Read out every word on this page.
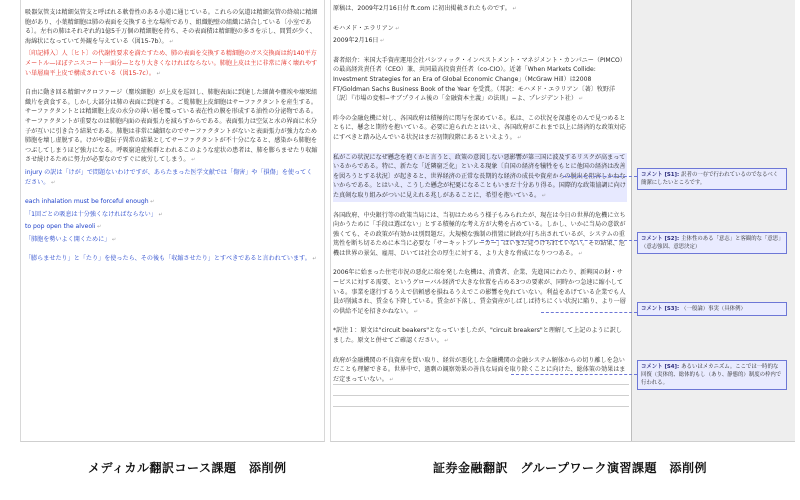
吸器気管支は精細気管支と呼ばれる軟骨性のある小道に通じている。これらの気道は精細気管の終端に精細胞があり、小葉精細胞は肺の表面を交換する主な場所であり、組織胞壁の組織に結合している〔小室である〕。左右の肺はそれぞれ約1億5千万個の精細胞を持ち、その表面積は精細胞の多さを示し、間質が少く、海綿状になっていて外観を与えている（図15-7b）。 ↵
〔印記挿入〕人〔ヒト〕の代謝性要求を満たすため、肺の表面を交換する精細胞のガス交換面は約140平方メートル—ほぼテニスコート一面分—となり大きくなければならない。肺胞上皮は主に非常に薄く壊れやすい単層扁平上皮で構成されている（図15-7c）。 ↵
自由に動き回る精細マクロファージ（塵埃細胞）が上皮を巡回し、肺胞表面に到達した細菌や塵埃や壊死組織片を貪食する。しかし大部分は肺の表面に到達する。ご覧肺胞上皮細胞はサーファクタントを産生する。サーファクタントとは精細胞上皮の水分の薄い層を覆っている表在性の膜を形成する油性の分泌物である。サーファクタントが重要なのは肺胞内面の表面張力を減らすからである。表面張力は空気と水の界面に水分子が互いに引き合う結果である。肺胞は非常に繊細なのでサーファクタントがないと表面張力が強力なため肺胞を壊し虚脱する。けがや遺伝子異常の結果としてサーファクタントが不十分になると、感染から肺胞をつぶしてしまうほど強力になる。呼吸窮迫症候群とわれるこのような症状の患者は、肺を膨らませたり収縮させ続けるために努力が必要なのですぐに疲労してしまう。 ↵
injury の訳は「けが」で問題ないわけですが、あらたまった医学文献では「傷害」や「損傷」を使ってください。 ↵
each inhalation must be forceful enough ↵
「1回ごとの吸息は十分強くなければならない」 ↵
to pop open the alveoli ↵
「肺胞を勢いよく開くために」 ↵
「膨らませたり」と「たり」を使ったら、その後も「収縮させたり」とすべきであると言われています。 ↵
原稿は、2009年2月16日付 ft.com に初出掲載されたものです。 ↵
モハメド・エラリアン ↵
2009年2月16日 ↵
著者紹介：米国大手資産運用会社パシフィック・インベストメント・マネジメント・カンパニー（PIMCO）の最高経営責任者（CEO）兼、共同最高投資責任者（co-CIO）。近著「When Markets Collide: Investment Strategies for an Era of Global Economic Change」（McGraw Hill）は2008 FT/Goldman Sachs Business Book of the Year を受賞。（邦訳：モハメド・エラリアン〔著〕牧野洋〔訳〕『市場の変相−サブプライム後の「金融資本主義」の法則』−よ、プレジデント社） ↵
昨今の金融危機に対し、各国政府は積極的に関与を深めている。私は、この状況を深慮をのんで見つめるとともに、懸念と期待を抱いている。必要に迫られたとはいえ、各国政府がこれまで以上に経済的な政策対応にすべきと踏み込んでいる状況はまだ初期段階にあるといえよう。 ↵
私がこの状況になぜ懸念を抱くかと言うと、政策の意図しない悪影響が第三国に波及するリスクが高まっているからである。特に、新たな「近隣窮乏化」といえる現象〔自国の経済を犠牲をもとに他国の経済は改善を図ろうとする状況〕が起きると、世界経済の正常な長期的な経済の成長や資産からの脱出を阻害しかねないからである。とはいえ、こうした懸念が杞憂になることもいまだ十分あり得る。国際的な政策協調に向けた真剣な取り組みがついに見えれる兆しがあることに、希望を抱いている。 ↵
各国政府、中央銀行等の政策当局には、当初はためらう様子もみられたが、現在は今日の世界的危機に立ち向かうために「手段は選ばない」とする積極的な考え方が大勢を占めている。しかし、いかに当局の意欲が強くても、その政策が有効かは別問題だ。大規模な強制の措置に財政が打ち出されているが、システムの重篤性を断ち切るために本当に必要な「サーキットブレーカー」はいまだ見つけられていない。その結果、危機は世界の景気、雇用、ひいては社会の厚生に対する、より大きな脅威になりつつある。 ↵
2006年に始まった住宅市況の悪化に端を発した危機は、消費者、企業、先進国にわたり、新興国の財・サービスに対する需要、というグローバル経済で大きな位置を占める3つの要素が、同時かつ急速に縮小している。事業を遂行するうえで信頼感を損ねるうえでこの影響を免れていない。利益をあげている企業でも人員が削減され、賃金も下降している。賃金が下落し、賃金資産がしばしば持ちにくい状況に陥り、より一層の供給不足を招きかねない。 ↵
*訳注１：原文は"circuit beakers"となっていましたが、"circuit breakers"と理解して上記のように訳しました。原文と併せてご確認ください。 ↵
政府が金融機関の不良資産を買い取り、経営が悪化した金融機関の金融システム解体からの切り離しを急いだことも理解できる。世界中で、過剰の観察効果の善良な局面を取り除くことに向けた、総体策の効果はまだ定まっていない。 ↵
コメント [S1]: 訳者の一存で行われているのでなるべく簡潔にしたいところです。
コメント [S2]: 主体性のある「意志」と客観的な「意思」（意志強固、意思決定）
コメント [S3]: （一般論）事実（具体例）
コメント [S4]: あるいはメカニズム。ここでは一時的な回復（実体的、総体的もし（あり、静態的）制度の枠内で行われる。
メディカル翻訳コース課題　添削例	証券金融翻訳　グループワーク演習課題　添削例
